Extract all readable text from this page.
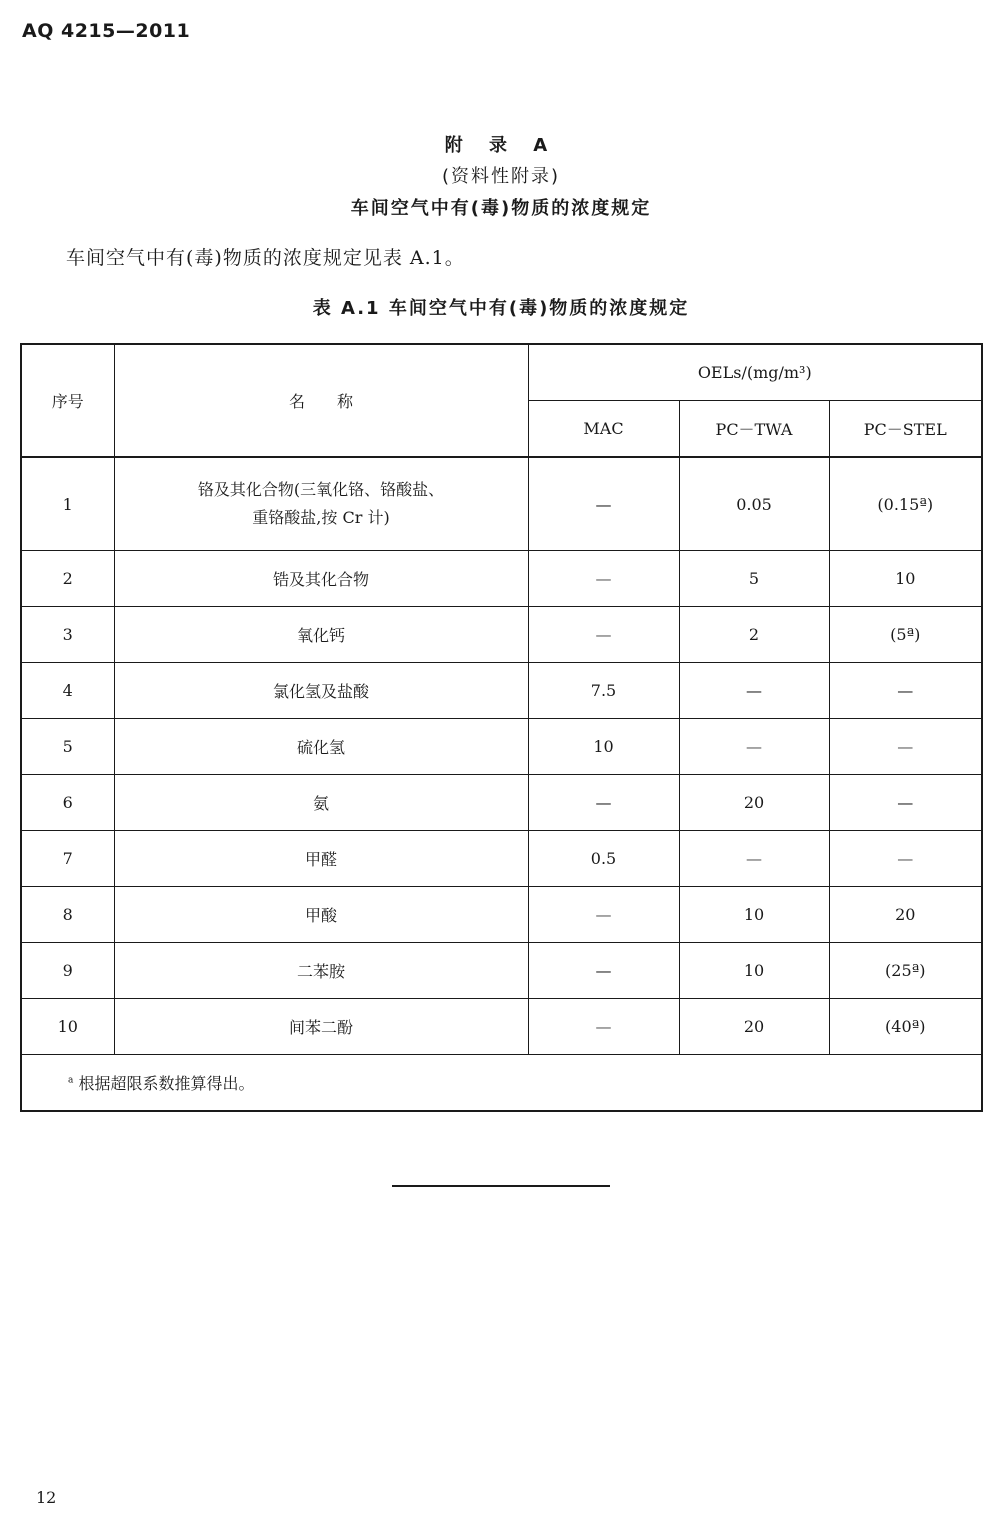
AQ 4215—2011
附 录 A
(资料性附录)
车间空气中有(毒)物质的浓度规定
车间空气中有(毒)物质的浓度规定见表 A.1。
表 A.1 车间空气中有(毒)物质的浓度规定
序号	名　　称	OELs/(mg/m³)		
		MAC	PC－TWA	PC－STEL
1	铬及其化合物(三氧化铬、铬酸盐、
重铬酸盐,按 Cr 计)	—	0.05	(0.15ª)
2	锆及其化合物	—	5	10
3	氧化钙	—	2	(5ª)
4	氯化氢及盐酸	7.5	—	—
5	硫化氢	10	—	—
6	氨	—	20	—
7	甲醛	0.5	—	—
8	甲酸	—	10	20
9	二苯胺	—	10	(25ª)
10	间苯二酚	—	20	(40ª)
$^a$ 根据超限系数推算得出。				
12
